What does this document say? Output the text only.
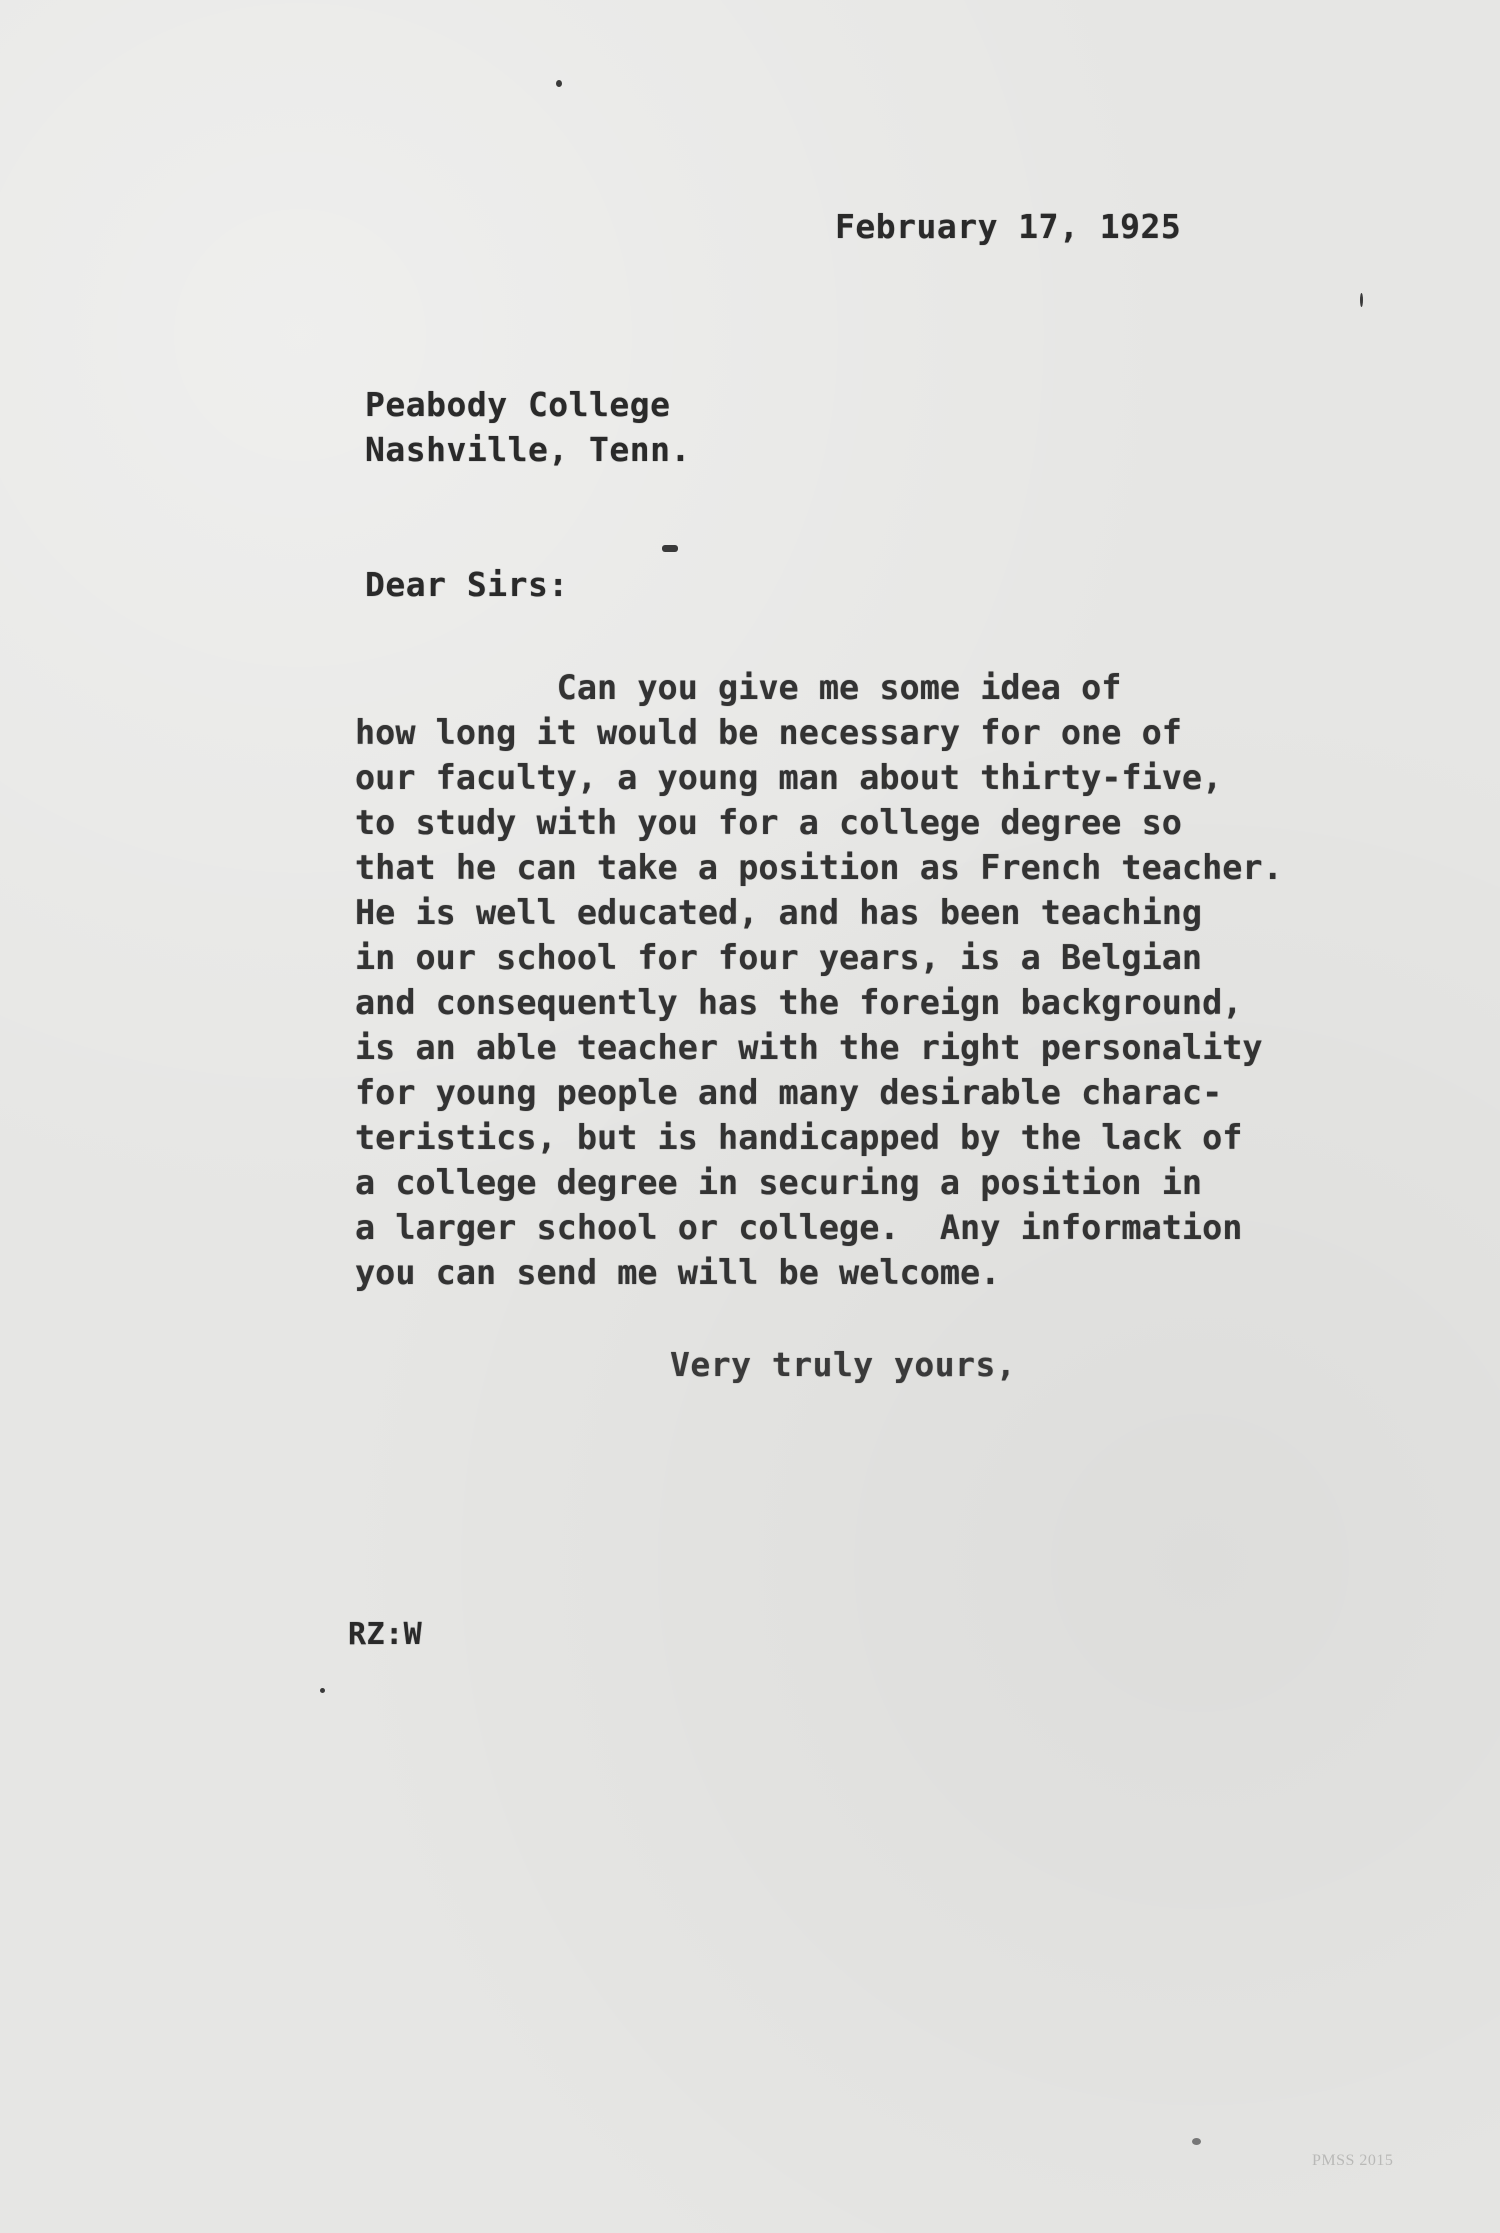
February 17, 1925
Peabody College
Nashville, Tenn.
Dear Sirs:
Can you give me some idea of
how long it would be necessary for one of
our faculty, a young man about thirty-five,
to study with you for a college degree so
that he can take a position as French teacher.
He is well educated, and has been teaching
in our school for four years, is a Belgian
and consequently has the foreign background,
is an able teacher with the right personality
for young people and many desirable charac-
teristics, but is handicapped by the lack of
a college degree in securing a position in
a larger school or college.  Any information
you can send me will be welcome.
Very truly yours,
RZ:W
PMSS 2015
